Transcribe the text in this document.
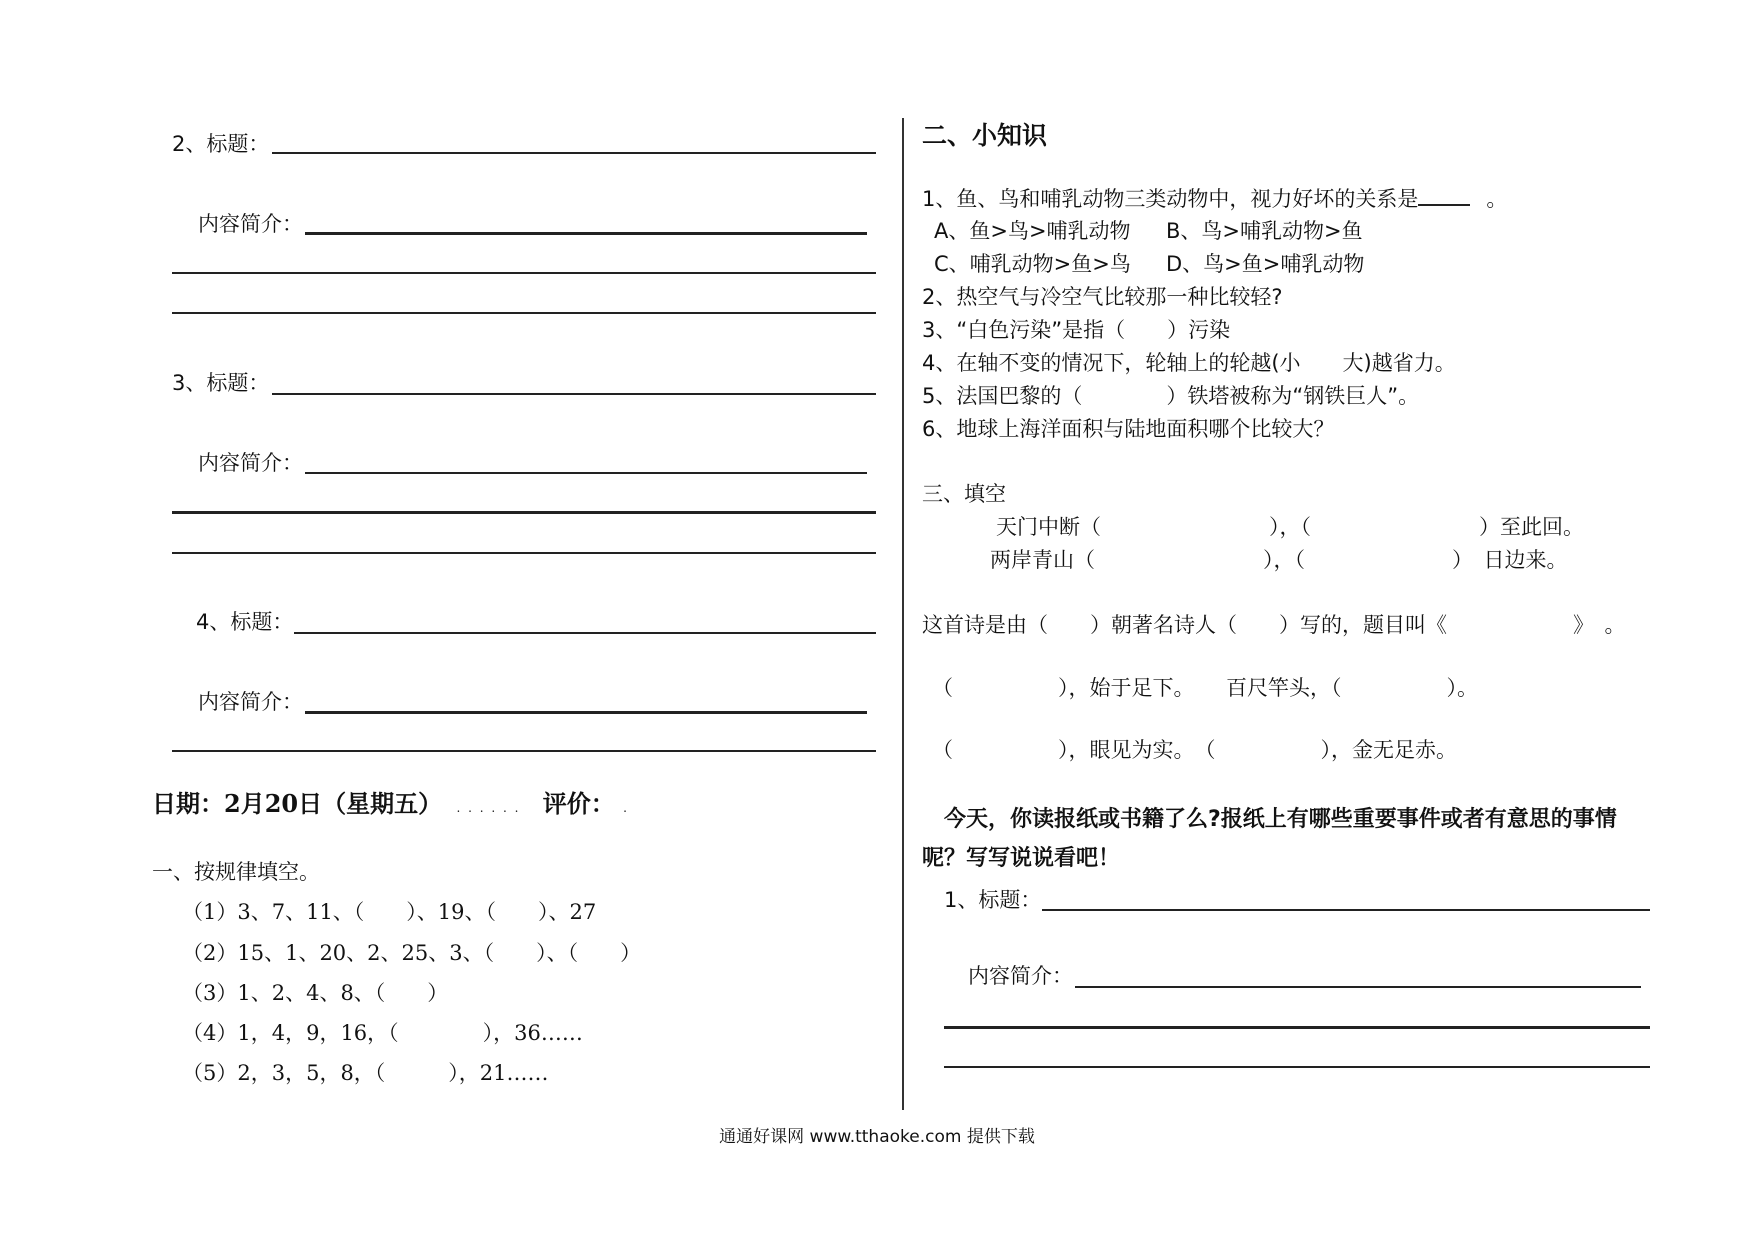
2、标题：
内容简介：
3、标题：
内容简介：
4、标题：
内容简介：
日期：2月20日（星期五） . . . . . . 评价： .
一、按规律填空。
（1）3、7、11、（　　）、19、（　　）、27
（2）15、1、20、2、25、3、（　　）、（　　）
（3）1、2、4、8、（　　）
（4）1，4，9，16，（　　　　），36……
（5）2，3，5，8，（　　　），21……
二、小知识
1、鱼、鸟和哺乳动物三类动物中，视力好坏的关系是	。
A、鱼>鸟>哺乳动物 B、鸟>哺乳动物>鱼
C、哺乳动物>鱼>鸟 D、鸟>鱼>哺乳动物
2、热空气与冷空气比较那一种比较轻?
3、“白色污染”是指（　　）污染
4、在轴不变的情况下，轮轴上的轮越(小　　大)越省力。
5、法国巴黎的（　　　　）铁塔被称为“钢铁巨人”。
6、地球上海洋面积与陆地面积哪个比较大？
三、填空
天门中断（　　　　　　　　），（　　　　　　　　）至此回。
两岸青山（　　　　　　　　），（　　　　　　　）　日边来。
这首诗是由（　　）朝著名诗人（　　）写的，题目叫《　　　　　　》　。
（　　　　　），始于足下。　　百尺竿头，（　　　　　）。
（　　　　　），眼见为实。　（　　　　　），金无足赤。
今天，你读报纸或书籍了么?报纸上有哪些重要事件或者有意思的事情
呢？写写说说看吧！
1、标题：
内容简介：
通通好课网 www.tthaoke.com 提供下载
